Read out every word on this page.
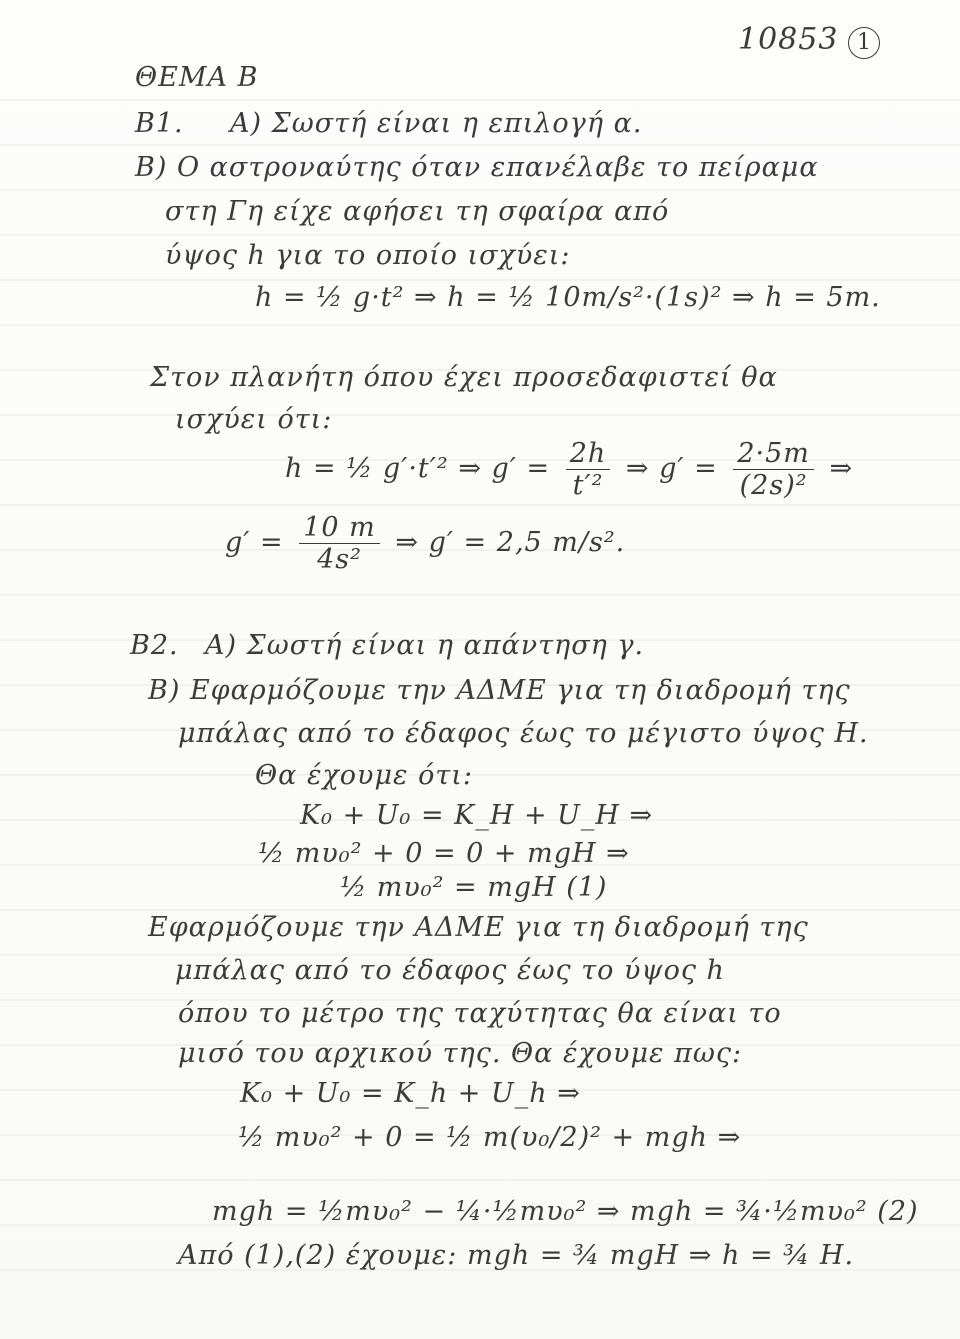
10853 1
ΘΕΜΑ Β
Β1. Α) Σωστή είναι η επιλογή α.
Β) Ο αστροναύτης όταν επανέλαβε το πείραμα
στη Γη είχε αφήσει τη σφαίρα από
ύψος h για το οποίο ισχύει:
h = ½ g·t² ⇒ h = ½ 10m/s²·(1s)² ⇒ h = 5m.
Στον πλανήτη όπου έχει προσεδαφιστεί θα
ισχύει ότι:
h = ½ g′·t′² ⇒ $g' = \frac{2h}{\text{t′²}}$ ⇒ $g' = \frac{2\cdot 5m}{\text{(2s)²}}$ ⇒
$g' = \frac{10 m}{\text{4s²}}$ ⇒ g′ = 2,5 m/s².
Β2. Α) Σωστή είναι η απάντηση γ.
Β) Εφαρμόζουμε την ΑΔΜΕ για τη διαδρομή της
μπάλας από το έδαφος έως το μέγιστο ύψος Η.
Θα έχουμε ότι:
K₀ + U₀ = K_H + U_H ⇒
½ mυ₀² + 0 = 0 + mgH ⇒
½ mυ₀² = mgH (1)
Εφαρμόζουμε την ΑΔΜΕ για τη διαδρομή της
μπάλας από το έδαφος έως το ύψος h
όπου το μέτρο της ταχύτητας θα είναι το
μισό του αρχικού της. Θα έχουμε πως:
K₀ + U₀ = K_h + U_h ⇒
½ mυ₀² + 0 = ½ m(υ₀/2)² + mgh ⇒
mgh = ½mυ₀² − ¼·½mυ₀² ⇒ mgh = ¾·½mυ₀² (2)
Από (1),(2) έχουμε: mgh = ¾ mgH ⇒ h = ¾ H.
